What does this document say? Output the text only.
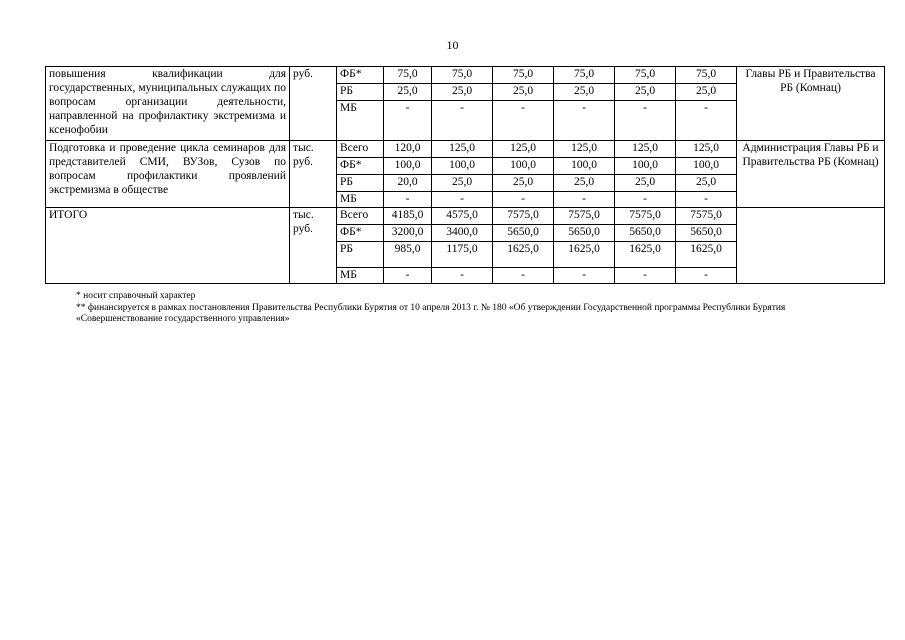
10
повышения квалификации для государственных, муниципальных служащих по вопросам организации деятельности, направленной на профилактику экстремизма и ксенофобии	руб.	ФБ*	75,0	75,0	75,0	75,0	75,0	75,0	Главы РБ и Правительства РБ (Комнац)
		РБ	25,0	25,0	25,0	25,0	25,0	25,0	
		МБ	-	-	-	-	-	-	
Подготовка и проведение цикла семинаров для представителей СМИ, ВУЗов, Сузов по вопросам профилактики проявлений экстремизма в обществе	тыс. руб.	Всего	120,0	125,0	125,0	125,0	125,0	125,0	Администрация Главы РБ и Правительства РБ (Комнац)
		ФБ*	100,0	100,0	100,0	100,0	100,0	100,0	
		РБ	20,0	25,0	25,0	25,0	25,0	25,0	
		МБ	-	-	-	-	-	-	
ИТОГО	тыс. руб.	Всего	4185,0	4575,0	7575,0	7575,0	7575,0	7575,0	
		ФБ*	3200,0	3400,0	5650,0	5650,0	5650,0	5650,0	
		РБ	985,0	1175,0	1625,0	1625,0	1625,0	1625,0	
		МБ	-	-	-	-	-	-	
* носит справочный характер
** финансируется в рамках постановления Правительства Республики Бурятия от 10 апреля 2013 г. № 180 «Об утверждении Государственной программы Республики Бурятия «Совершенствование государственного управления»
